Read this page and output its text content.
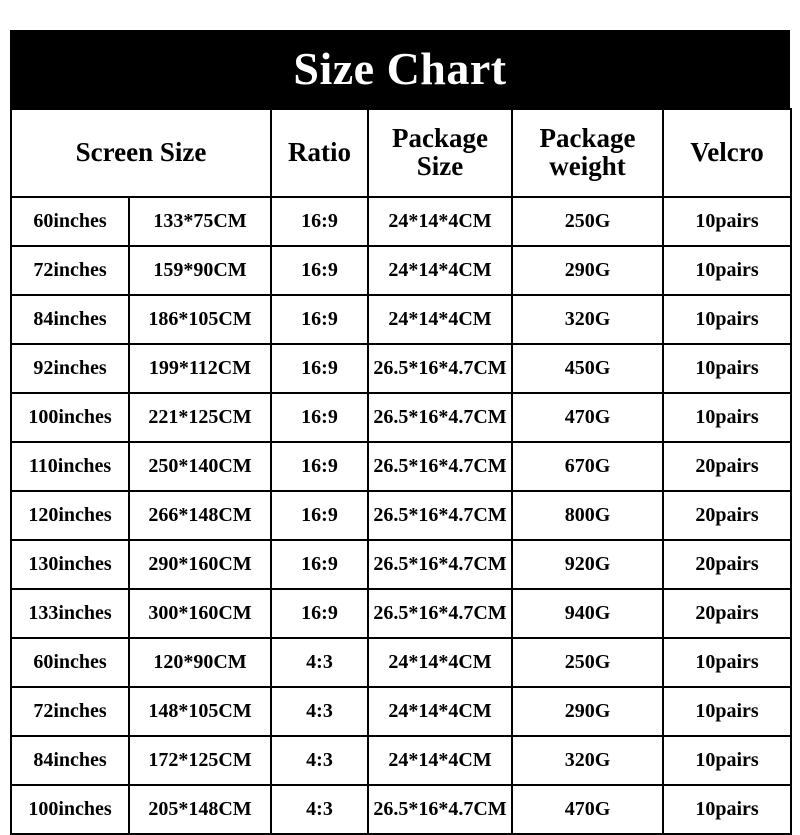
Size Chart
Screen Size		Ratio	Package Size	Package weight	Velcro
60inches	133*75CM	16:9	24*14*4CM	250G	10pairs
72inches	159*90CM	16:9	24*14*4CM	290G	10pairs
84inches	186*105CM	16:9	24*14*4CM	320G	10pairs
92inches	199*112CM	16:9	26.5*16*4.7CM	450G	10pairs
100inches	221*125CM	16:9	26.5*16*4.7CM	470G	10pairs
110inches	250*140CM	16:9	26.5*16*4.7CM	670G	20pairs
120inches	266*148CM	16:9	26.5*16*4.7CM	800G	20pairs
130inches	290*160CM	16:9	26.5*16*4.7CM	920G	20pairs
133inches	300*160CM	16:9	26.5*16*4.7CM	940G	20pairs
60inches	120*90CM	4:3	24*14*4CM	250G	10pairs
72inches	148*105CM	4:3	24*14*4CM	290G	10pairs
84inches	172*125CM	4:3	24*14*4CM	320G	10pairs
100inches	205*148CM	4:3	26.5*16*4.7CM	470G	10pairs
